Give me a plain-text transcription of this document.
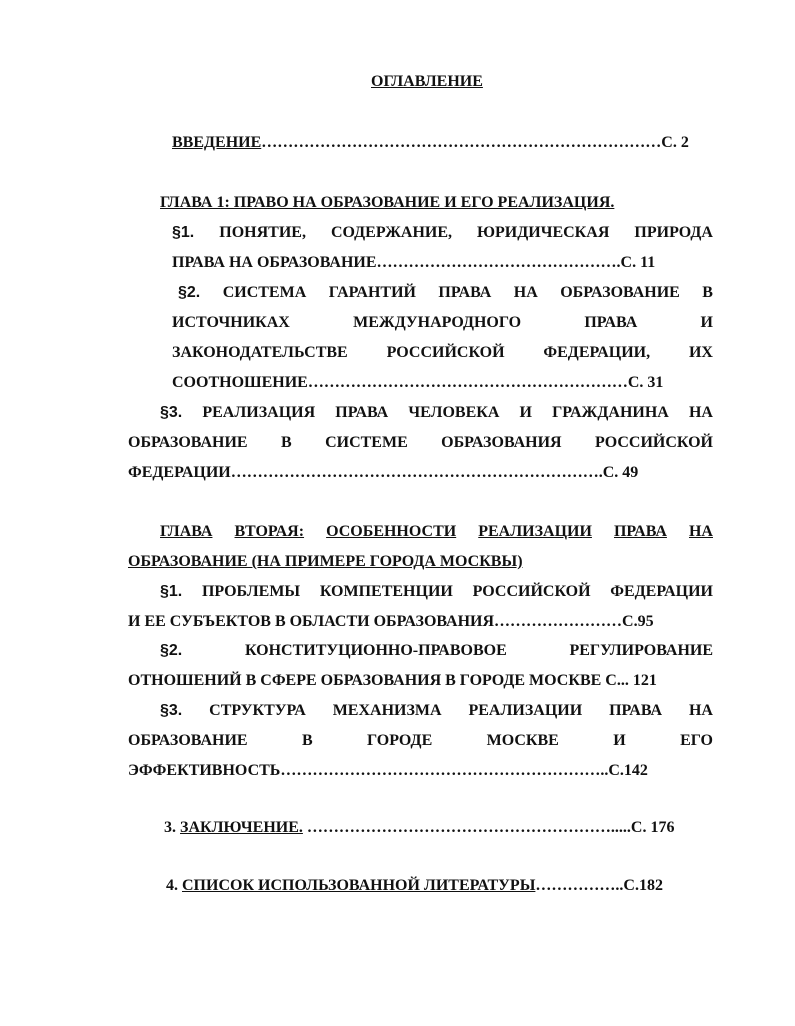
ОГЛАВЛЕНИЕ
ВВЕДЕНИЕ…………………………………………………………………С. 2
ГЛАВА 1: ПРАВО НА ОБРАЗОВАНИЕ И ЕГО РЕАЛИЗАЦИЯ.
§1. ПОНЯТИЕ, СОДЕРЖАНИЕ, ЮРИДИЧЕСКАЯ ПРИРОДА
ПРАВА НА ОБРАЗОВАНИЕ……………………………………….С. 11
§2. СИСТЕМА ГАРАНТИЙ ПРАВА НА ОБРАЗОВАНИЕ В
ИСТОЧНИКАХ	МЕЖДУНАРОДНОГО	ПРАВА	И
ЗАКОНОДАТЕЛЬСТВЕ РОССИЙСКОЙ ФЕДЕРАЦИИ, ИХ
СООТНОШЕНИЕ……………………………………………………С. 31
§3. РЕАЛИЗАЦИЯ ПРАВА ЧЕЛОВЕКА И ГРАЖДАНИНА НА
ОБРАЗОВАНИЕ В СИСТЕМЕ ОБРАЗОВАНИЯ РОССИЙСКОЙ
ФЕДЕРАЦИИ…………………………………………………………….С. 49
ГЛАВА ВТОРАЯ: ОСОБЕННОСТИ РЕАЛИЗАЦИИ ПРАВА НА
ОБРАЗОВАНИЕ (НА ПРИМЕРЕ ГОРОДА МОСКВЫ)
§1. ПРОБЛЕМЫ КОМПЕТЕНЦИИ РОССИЙСКОЙ ФЕДЕРАЦИИ
И ЕЕ СУБЪЕКТОВ В ОБЛАСТИ ОБРАЗОВАНИЯ……………………С.95
§2.	КОНСТИТУЦИОННО-ПРАВОВОЕ	РЕГУЛИРОВАНИЕ
ОТНОШЕНИЙ В СФЕРЕ ОБРАЗОВАНИЯ В ГОРОДЕ МОСКВЕ С... 121
§3. СТРУКТУРА МЕХАНИЗМА РЕАЛИЗАЦИИ ПРАВА НА
ОБРАЗОВАНИЕ	В	ГОРОДЕ	МОСКВЕ	И	ЕГО
ЭФФЕКТИВНОСТЬ……………………………………………………..С.142
3. ЗАКЛЮЧЕНИЕ. ………………………………………………….....С. 176
4. СПИСОК ИСПОЛЬЗОВАННОЙ ЛИТЕРАТУРЫ……………..С.182
